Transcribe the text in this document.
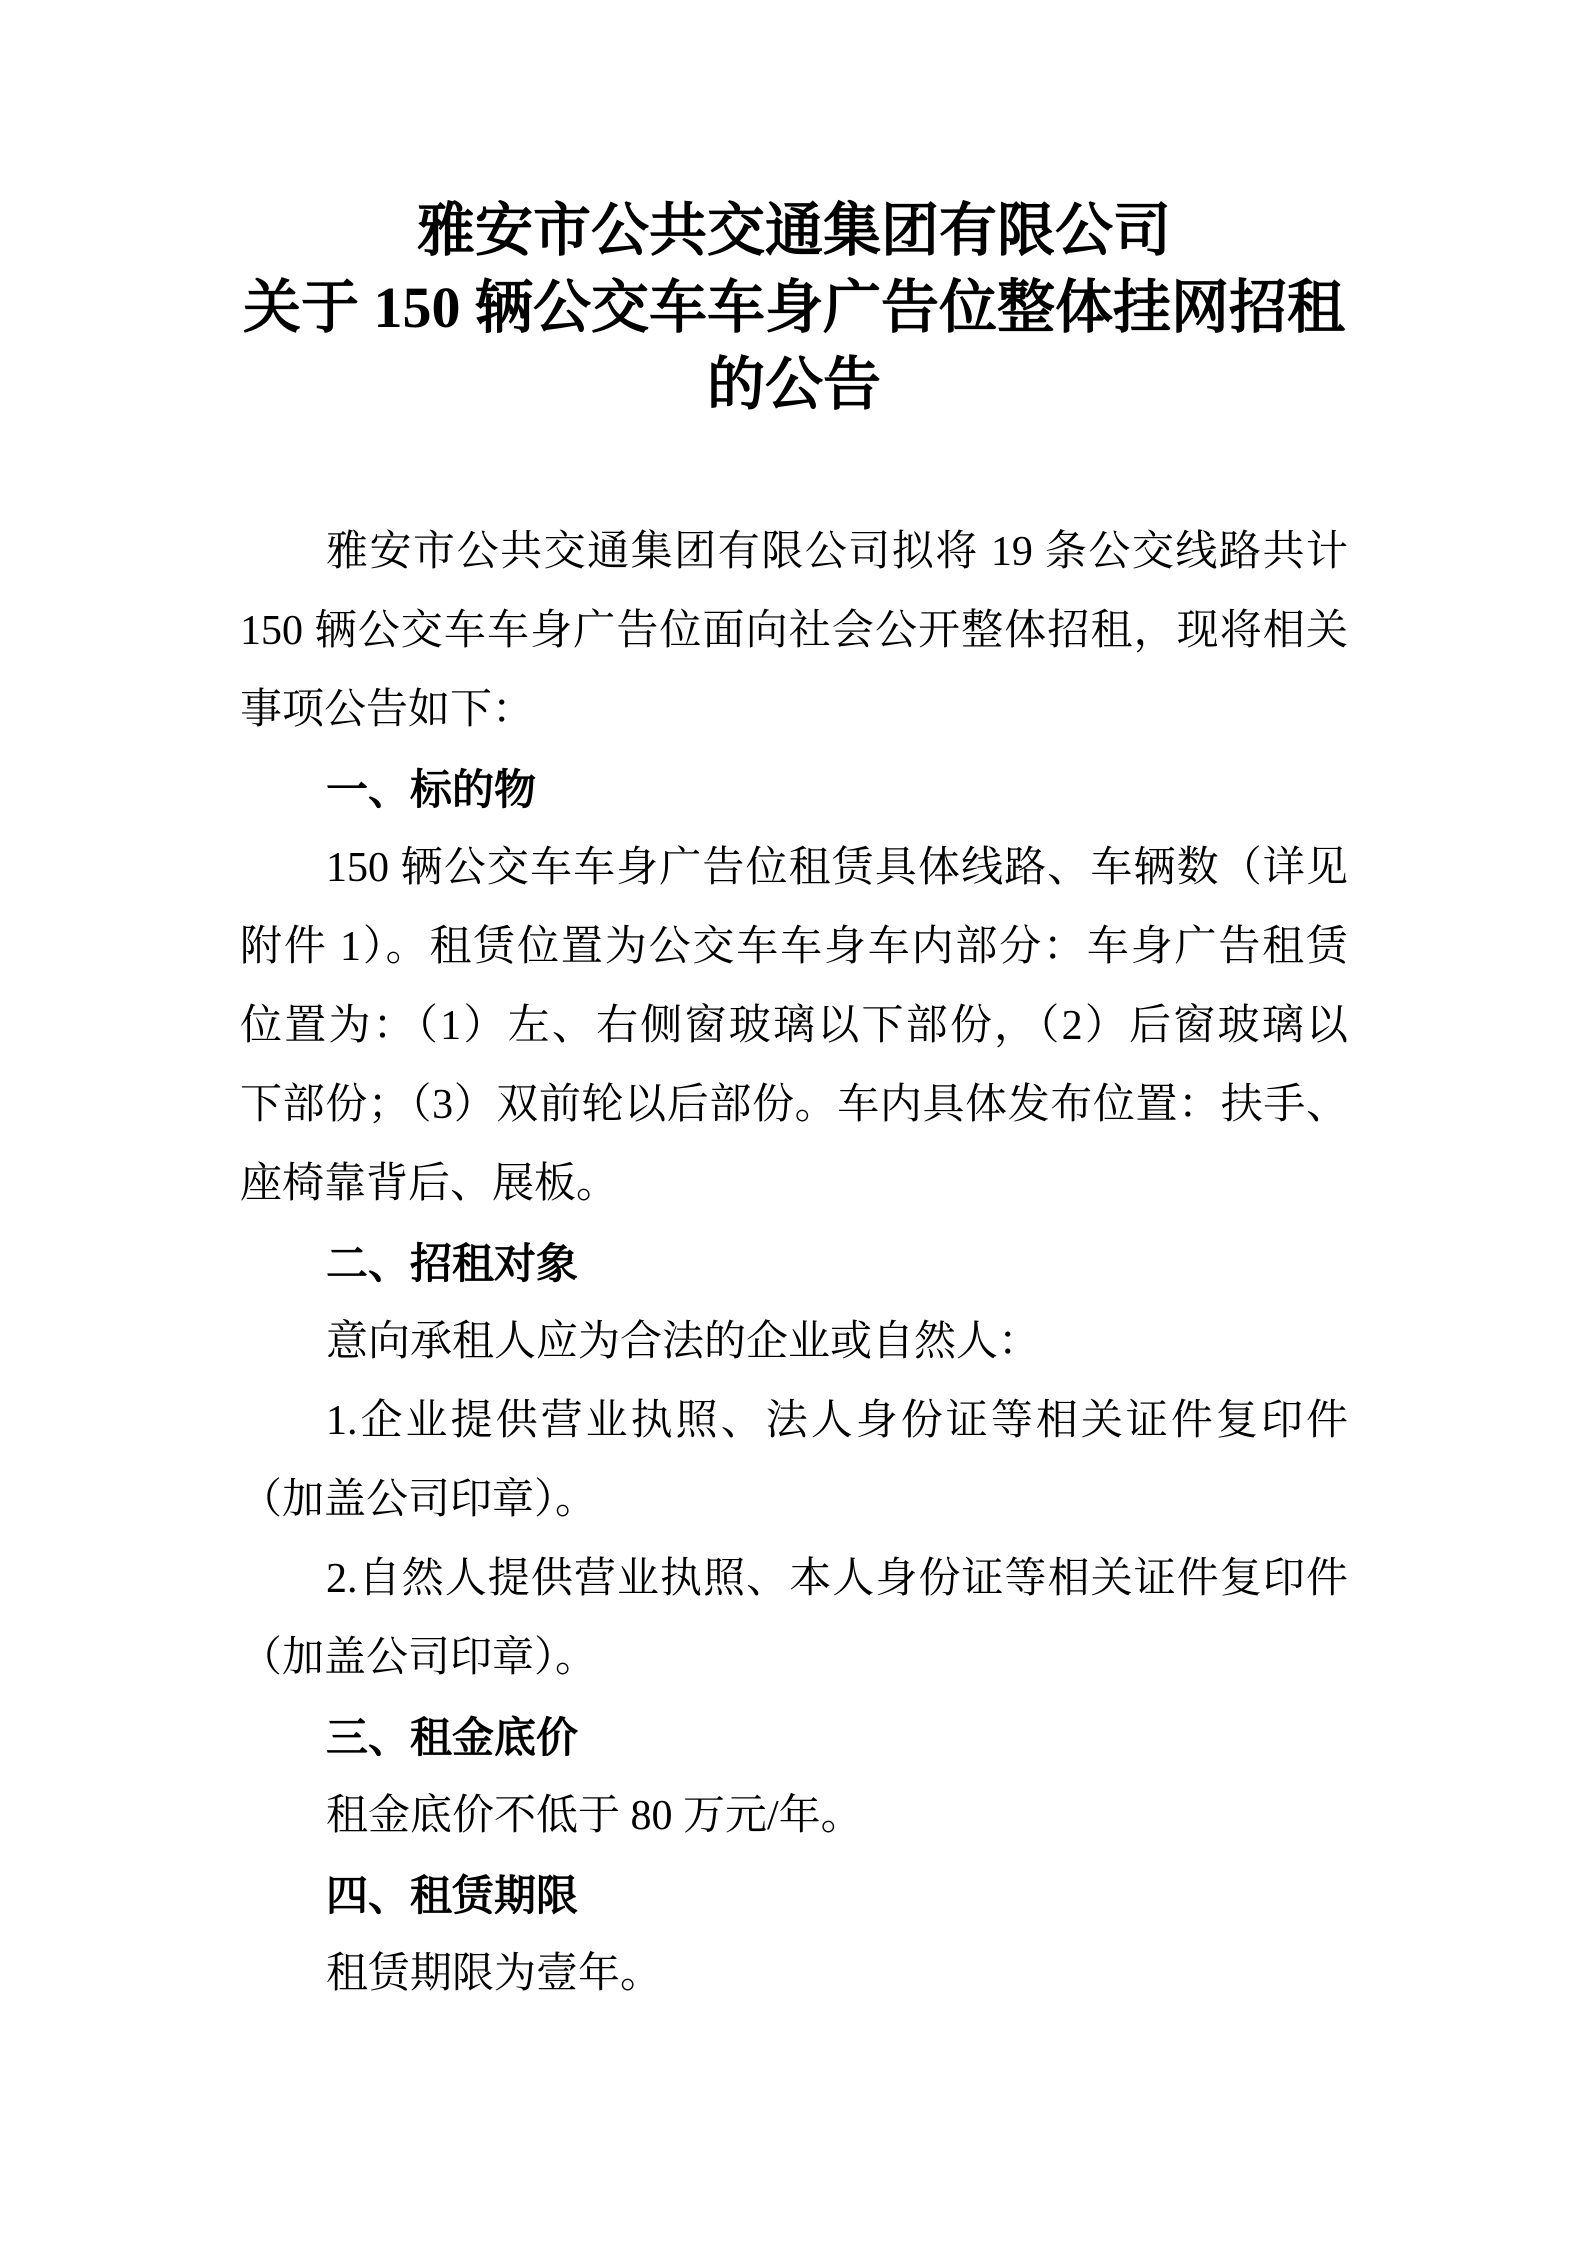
雅安市公共交通集团有限公司
关于 150 辆公交车车身广告位整体挂网招租
的公告
雅安市公共交通集团有限公司拟将 19 条公交线路共计
150 辆公交车车身广告位面向社会公开整体招租，现将相关
事项公告如下：
一、标的物
150 辆公交车车身广告位租赁具体线路、车辆数（详见
附件 1）。租赁位置为公交车车身车内部分：车身广告租赁
位置为：（1）左、右侧窗玻璃以下部份，（2）后窗玻璃以
下部份；（3）双前轮以后部份。车内具体发布位置：扶手、
座椅靠背后、展板。
二、招租对象
意向承租人应为合法的企业或自然人：
1.企业提供营业执照、法人身份证等相关证件复印件
（加盖公司印章）。
2.自然人提供营业执照、本人身份证等相关证件复印件
（加盖公司印章）。
三、租金底价
租金底价不低于 80 万元/年。
四、租赁期限
租赁期限为壹年。
